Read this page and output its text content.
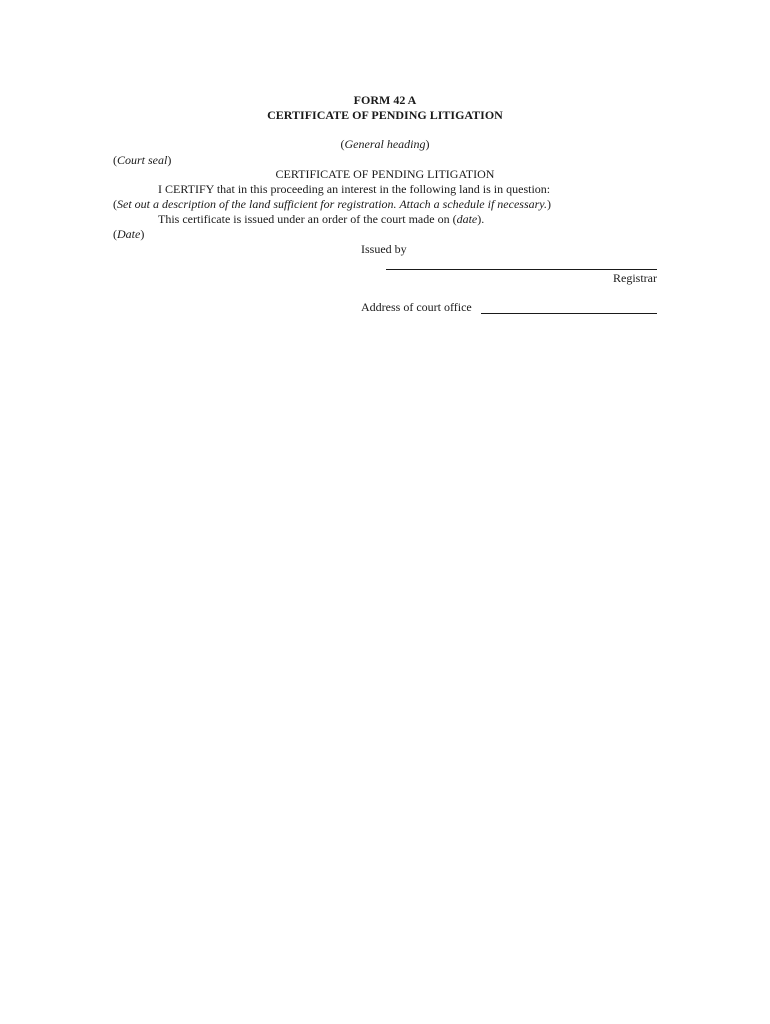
FORM 42 A
CERTIFICATE OF PENDING LITIGATION
(General heading)
(Court seal)
CERTIFICATE OF PENDING LITIGATION
I CERTIFY that in this proceeding an interest in the following land is in question:
(Set out a description of the land sufficient for registration. Attach a schedule if necessary.)
This certificate is issued under an order of the court made on (date).
(Date)
Issued by
Registrar
Address of court office
